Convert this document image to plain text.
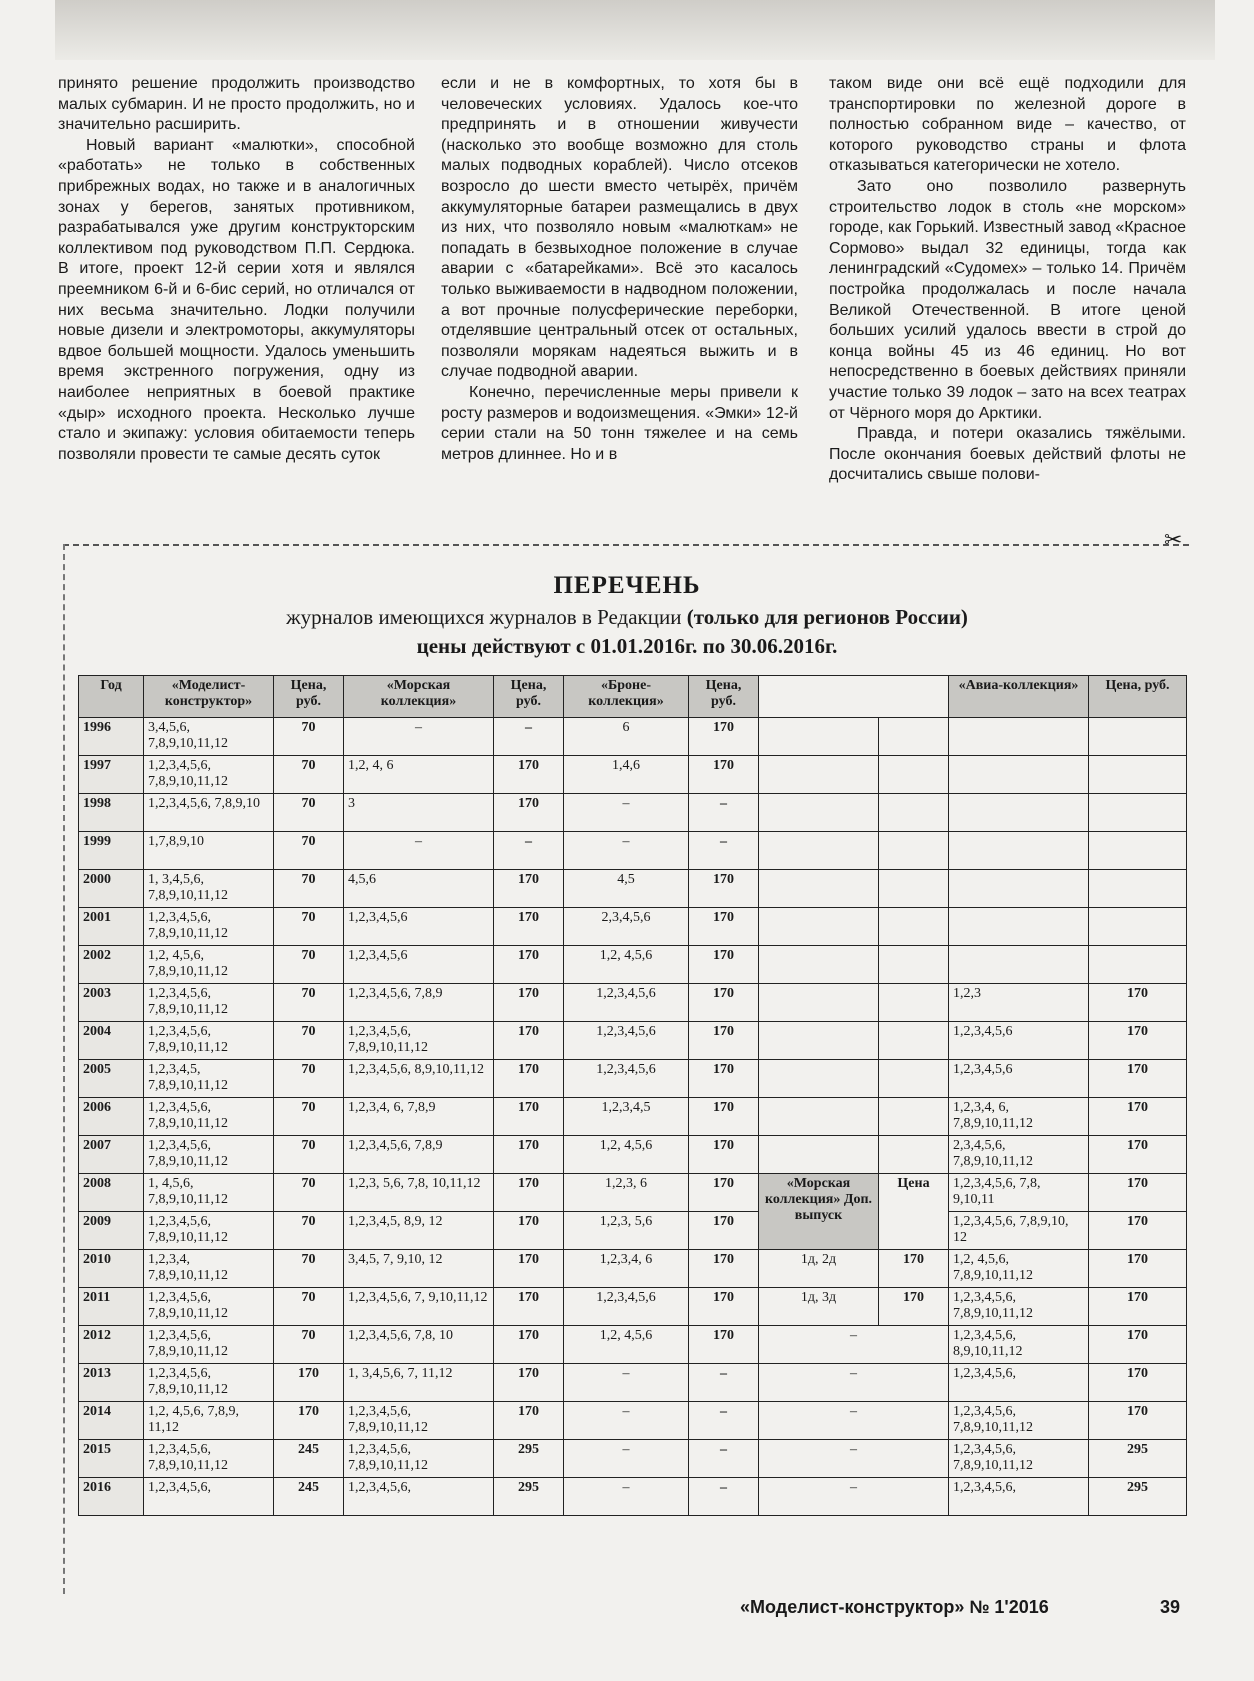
принято решение продолжить производство малых субмарин. И не просто продолжить, но и значительно расширить.

Новый вариант «малютки», способной «работать» не только в собственных прибрежных водах, но также и в аналогичных зонах у берегов, занятых противником, разрабатывался уже другим конструкторским коллективом под руководством П.П. Сердюка. В итоге, проект 12-й серии хотя и являлся преемником 6-й и 6-бис серий, но отличался от них весьма значительно. Лодки получили новые дизели и электромоторы, аккумуляторы вдвое большей мощности. Удалось уменьшить время экстренного погружения, одну из наиболее неприятных в боевой практике «дыр» исходного проекта. Несколько лучше стало и экипажу: условия обитаемости теперь позволяли провести те самые десять суток

если и не в комфортных, то хотя бы в человеческих условиях. Удалось кое-что предпринять и в отношении живучести (насколько это вообще возможно для столь малых подводных кораблей). Число отсеков возросло до шести вместо четырёх, причём аккумуляторные батареи размещались в двух из них, что позволяло новым «малюткам» не попадать в безвыходное положение в случае аварии с «батарейками». Всё это касалось только выживаемости в надводном положении, а вот прочные полусферические переборки, отделявшие центральный отсек от остальных, позволяли морякам надеяться выжить и в случае подводной аварии.

Конечно, перечисленные меры привели к росту размеров и водоизмещения. «Эмки» 12-й серии стали на 50 тонн тяжелее и на семь метров длиннее. Но и в

таком виде они всё ещё подходили для транспортировки по железной дороге в полностью собранном виде – качество, от которого руководство страны и флота отказываться категорически не хотело.

Зато оно позволило развернуть строительство лодок в столь «не морском» городе, как Горький. Известный завод «Красное Сормово» выдал 32 единицы, тогда как ленинградский «Судомех» – только 14. Причём постройка продолжалась и после начала Великой Отечественной. В итоге ценой больших усилий удалось ввести в строй до конца войны 45 из 46 единиц. Но вот непосредственно в боевых действиях приняли участие только 39 лодок – зато на всех театрах от Чёрного моря до Арктики.

Правда, и потери оказались тяжёлыми. После окончания боевых действий флоты не досчитались свыше полови-

✂
ПЕРЕЧЕНЬ
журналов имеющихся журналов в Редакции (только для регионов России)
цены действуют с 01.01.2016г. по 30.06.2016г.
Год	«Моделист-конструктор»	Цена, руб.	«Морская коллекция»	Цена, руб.	«Броне-коллекция»	Цена, руб.			«Авиа-коллекция»	Цена, руб.
1996	3,4,5,6, 7,8,9,10,11,12	70	–	–	6	170				
1997	1,2,3,4,5,6, 7,8,9,10,11,12	70	1,2, 4, 6	170	1,4,6	170				
1998	1,2,3,4,5,6, 7,8,9,10	70	3	170	–	–				
1999	1,7,8,9,10	70	–	–	–	–				
2000	1, 3,4,5,6, 7,8,9,10,11,12	70	4,5,6	170	4,5	170				
2001	1,2,3,4,5,6, 7,8,9,10,11,12	70	1,2,3,4,5,6	170	2,3,4,5,6	170				
2002	1,2, 4,5,6, 7,8,9,10,11,12	70	1,2,3,4,5,6	170	1,2, 4,5,6	170				
2003	1,2,3,4,5,6, 7,8,9,10,11,12	70	1,2,3,4,5,6, 7,8,9	170	1,2,3,4,5,6	170			1,2,3	170
2004	1,2,3,4,5,6, 7,8,9,10,11,12	70	1,2,3,4,5,6, 7,8,9,10,11,12	170	1,2,3,4,5,6	170			1,2,3,4,5,6	170
2005	1,2,3,4,5, 7,8,9,10,11,12	70	1,2,3,4,5,6, 8,9,10,11,12	170	1,2,3,4,5,6	170			1,2,3,4,5,6	170
2006	1,2,3,4,5,6, 7,8,9,10,11,12	70	1,2,3,4, 6, 7,8,9	170	1,2,3,4,5	170			1,2,3,4, 6, 7,8,9,10,11,12	170
2007	1,2,3,4,5,6, 7,8,9,10,11,12	70	1,2,3,4,5,6, 7,8,9	170	1,2, 4,5,6	170			2,3,4,5,6, 7,8,9,10,11,12	170
2008	1, 4,5,6, 7,8,9,10,11,12	70	1,2,3, 5,6, 7,8, 10,11,12	170	1,2,3, 6	170	«Морская коллекция» Доп. выпуск	Цена	1,2,3,4,5,6, 7,8, 9,10,11	170
2009	1,2,3,4,5,6, 7,8,9,10,11,12	70	1,2,3,4,5, 8,9, 12	170	1,2,3, 5,6	170			1,2,3,4,5,6, 7,8,9,10, 12	170
2010	1,2,3,4, 7,8,9,10,11,12	70	3,4,5, 7, 9,10, 12	170	1,2,3,4, 6	170	1д, 2д	170	1,2, 4,5,6, 7,8,9,10,11,12	170
2011	1,2,3,4,5,6, 7,8,9,10,11,12	70	1,2,3,4,5,6, 7, 9,10,11,12	170	1,2,3,4,5,6	170	1д, 3д	170	1,2,3,4,5,6, 7,8,9,10,11,12	170
2012	1,2,3,4,5,6, 7,8,9,10,11,12	70	1,2,3,4,5,6, 7,8, 10	170	1,2, 4,5,6	170	–		1,2,3,4,5,6, 8,9,10,11,12	170
2013	1,2,3,4,5,6, 7,8,9,10,11,12	170	1, 3,4,5,6, 7, 11,12	170	–	–	–		1,2,3,4,5,6,	170
2014	1,2, 4,5,6, 7,8,9, 11,12	170	1,2,3,4,5,6, 7,8,9,10,11,12	170	–	–	–		1,2,3,4,5,6, 7,8,9,10,11,12	170
2015	1,2,3,4,5,6, 7,8,9,10,11,12	245	1,2,3,4,5,6, 7,8,9,10,11,12	295	–	–	–		1,2,3,4,5,6, 7,8,9,10,11,12	295
2016	1,2,3,4,5,6,	245	1,2,3,4,5,6,	295	–	–	–		1,2,3,4,5,6,	295
«Моделист-конструктор» № 1'2016	39
